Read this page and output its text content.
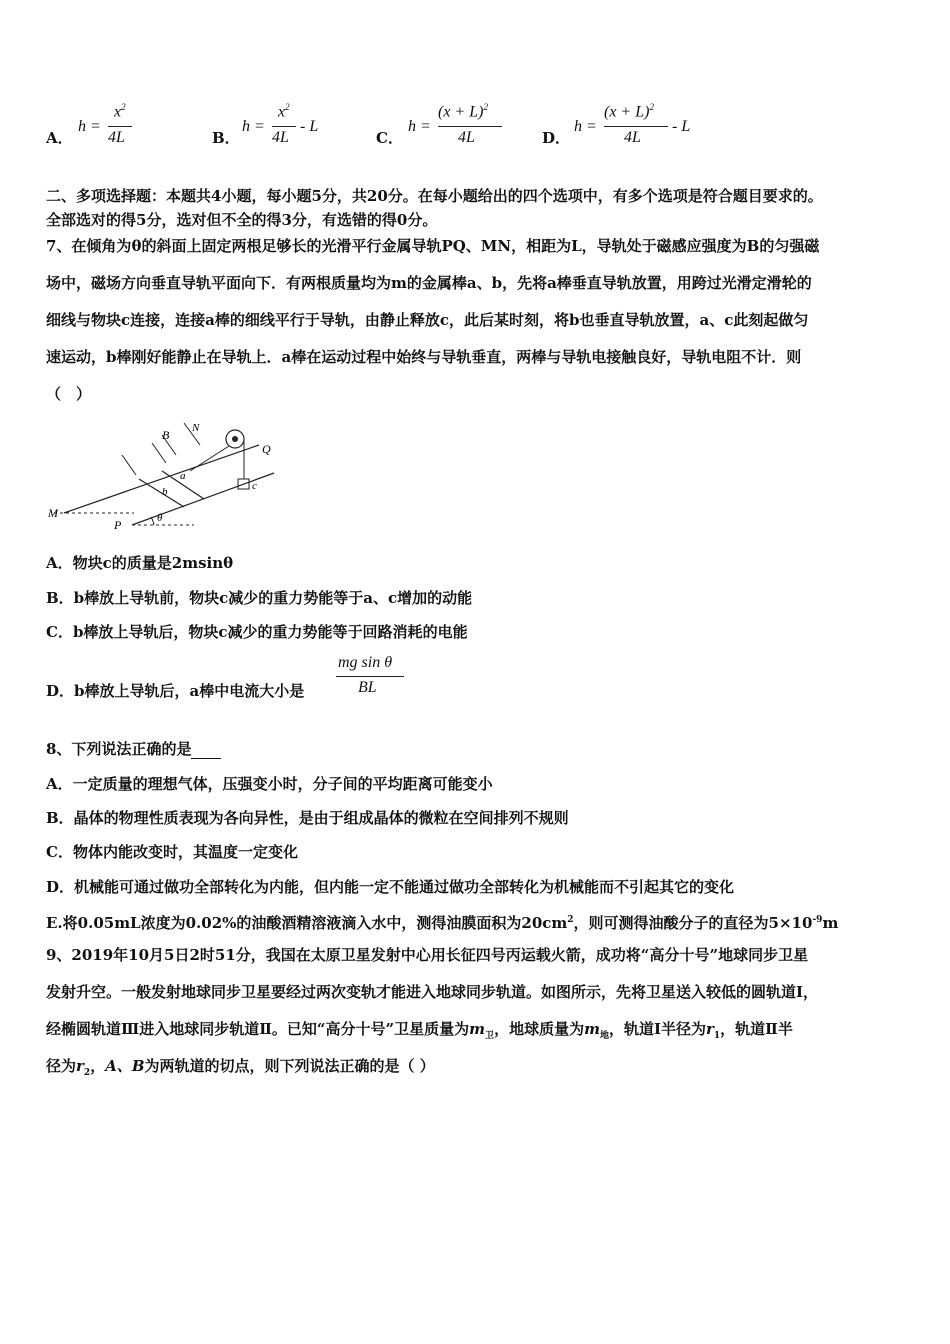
A．
h =
$x^2$
4L	B．
h =
$x^2$
4L
- L
C．
h =
$(x + L)^2$
4L	D．
h =
$(x + L)^2$
4L
- L
二、多项选择题：本题共4小题，每小题5分，共20分。在每小题给出的四个选项中，有多个选项是符合题目要求的。
全部选对的得5分，选对但不全的得3分，有选错的得0分。
7、在倾角为θ的斜面上固定两根足够长的光滑平行金属导轨PQ、MN，相距为L，导轨处于磁感应强度为B的匀强磁
场中，磁场方向垂直导轨平面向下．有两根质量均为m的金属棒a、b，先将a棒垂直导轨放置，用跨过光滑定滑轮的
细线与物块c连接，连接a棒的细线平行于导轨，由静止释放c，此后某时刻，将b也垂直导轨放置，a、c此刻起做匀
速运动，b棒刚好能静止在导轨上．a棒在运动过程中始终与导轨垂直，两棒与导轨电接触良好，导轨电阻不计．则
（　）
B N
Q
a
b	c
M
P	θ
A．物块c的质量是2msinθ
B．b棒放上导轨前，物块c减少的重力势能等于a、c增加的动能
C．b棒放上导轨后，物块c减少的重力势能等于回路消耗的电能
D．b棒放上导轨后，a棒中电流大小是
mg sin θ
BL
8、下列说法正确的是
A．一定质量的理想气体，压强变小时，分子间的平均距离可能变小
B．晶体的物理性质表现为各向异性，是由于组成晶体的微粒在空间排列不规则
C．物体内能改变时，其温度一定变化
D．机械能可通过做功全部转化为内能，但内能一定不能通过做功全部转化为机械能而不引起其它的变化
E.将0.05mL浓度为0.02%的油酸酒精溶液滴入水中，测得油膜面积为$20cm^2$，则可测得油酸分子的直径为$5\times 10^{-9}m$
9、2019年10月5日2时51分，我国在太原卫星发射中心用长征四号丙运载火箭，成功将“高分十号”地球同步卫星
发射升空。一般发射地球同步卫星要经过两次变轨才能进入地球同步轨道。如图所示，先将卫星送入较低的圆轨道Ⅰ，
经椭圆轨道Ⅲ进入地球同步轨道Ⅱ。已知“高分十号”卫星质量为$m_卫$，地球质量为$m_地$，轨道Ⅰ半径为$r_1$，轨道Ⅱ半
径为$r_2$，A、B为两轨道的切点，则下列说法正确的是（ ）
